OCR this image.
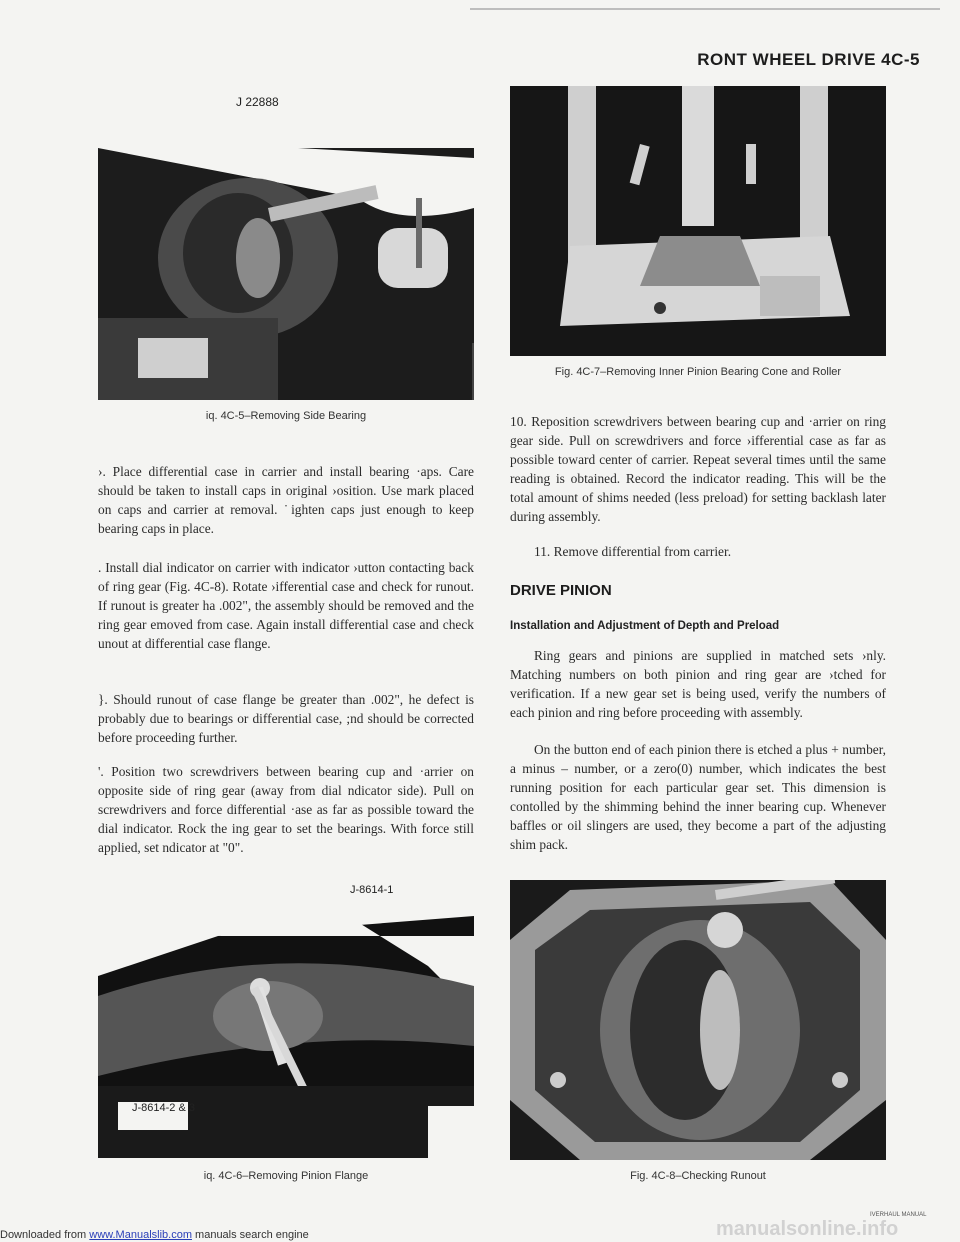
RONT WHEEL DRIVE 4C-5
J 22888
iq. 4C-5–Removing Side Bearing

›. Place differential case in carrier and install bearing ·aps. Care should be taken to install caps in original ›osition. Use mark placed on caps and carrier at removal. ˙ighten caps just enough to keep bearing caps in place.

. Install dial indicator on carrier with indicator ›utton contacting back of ring gear (Fig. 4C-8). Rotate ›ifferential case and check for runout. If runout is greater ha .002", the assembly should be removed and the ring gear emoved from case. Again install differential case and check unout at differential case flange.

}. Should runout of case flange be greater than .002", he defect is probably due to bearings or differential case, ;nd should be corrected before proceeding further.

'. Position two screwdrivers between bearing cup and ·arrier on opposite side of ring gear (away from dial ndicator side). Pull on screwdrivers and force differential ·ase as far as possible toward the dial indicator. Rock the ing gear to set the bearings. With force still applied, set ndicator at "0".

J-8614-1
J-8614-2 & 3
iq. 4C-6–Removing Pinion Flange
Fig. 4C-7–Removing Inner Pinion Bearing Cone and Roller

10. Reposition screwdrivers between bearing cup and ·arrier on ring gear side. Pull on screwdrivers and force ›ifferential case as far as possible toward center of carrier. Repeat several times until the same reading is obtained. Record the indicator reading. This will be the total amount of shims needed (less preload) for setting backlash later during assembly.

11. Remove differential from carrier.

DRIVE PINION
Installation and Adjustment of Depth and Preload

Ring gears and pinions are supplied in matched sets ›nly. Matching numbers on both pinion and ring gear are ›tched for verification. If a new gear set is being used, verify the numbers of each pinion and ring before proceeding with assembly.

On the button end of each pinion there is etched a plus + number, a minus – number, or a zero(0) number, which indicates the best running position for each particular gear set. This dimension is contolled by the shimming behind the inner bearing cup. Whenever baffles or oil slingers are used, they become a part of the adjusting shim pack.

Fig. 4C-8–Checking Runout
IVERHAUL MANUAL
manualsonline.info
Downloaded from www.Manualslib.com manuals search engine
